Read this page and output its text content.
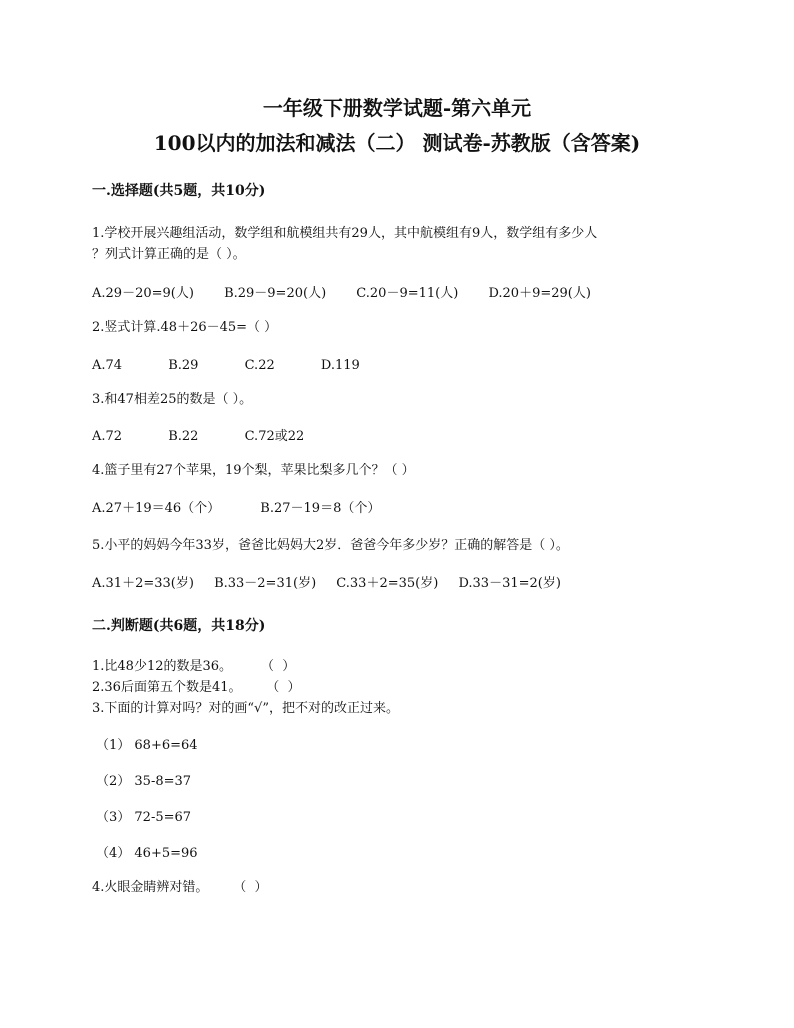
一年级下册数学试题-第六单元
100以内的加法和减法（二） 测试卷-苏教版（含答案)
一.选择题(共5题，共10分)
1.学校开展兴趣组活动，数学组和航模组共有29人，其中航模组有9人，数学组有多少人
？列式计算正确的是（ ）。
A.29－20=9(人) B.29－9=20(人) C.20－9=11(人) D.20＋9=29(人)
2.竖式计算.48＋26－45=（ ）
A.74	B.29	C.22	D.119
3.和47相差25的数是（ ）。
A.72	B.22	C.72或22
4.篮子里有27个苹果，19个梨，苹果比梨多几个？（ ）
A.27＋19＝46（个）	B.27－19＝8（个）
5.小平的妈妈今年33岁，爸爸比妈妈大2岁．爸爸今年多少岁？正确的解答是（ ）。
A.31＋2=33(岁) B.33－2=31(岁) C.33＋2=35(岁) D.33－31=2(岁)
二.判断题(共6题，共18分)
1.比48少12的数是36。       （  ）
2.36后面第五个数是41。      （  ）
3.下面的计算对吗？对的画“√”，把不对的改正过来。
（1） 68+6=64
（2） 35-8=37
（3） 72-5=67
（4） 46+5=96
4.火眼金睛辨对错。      （  ）
